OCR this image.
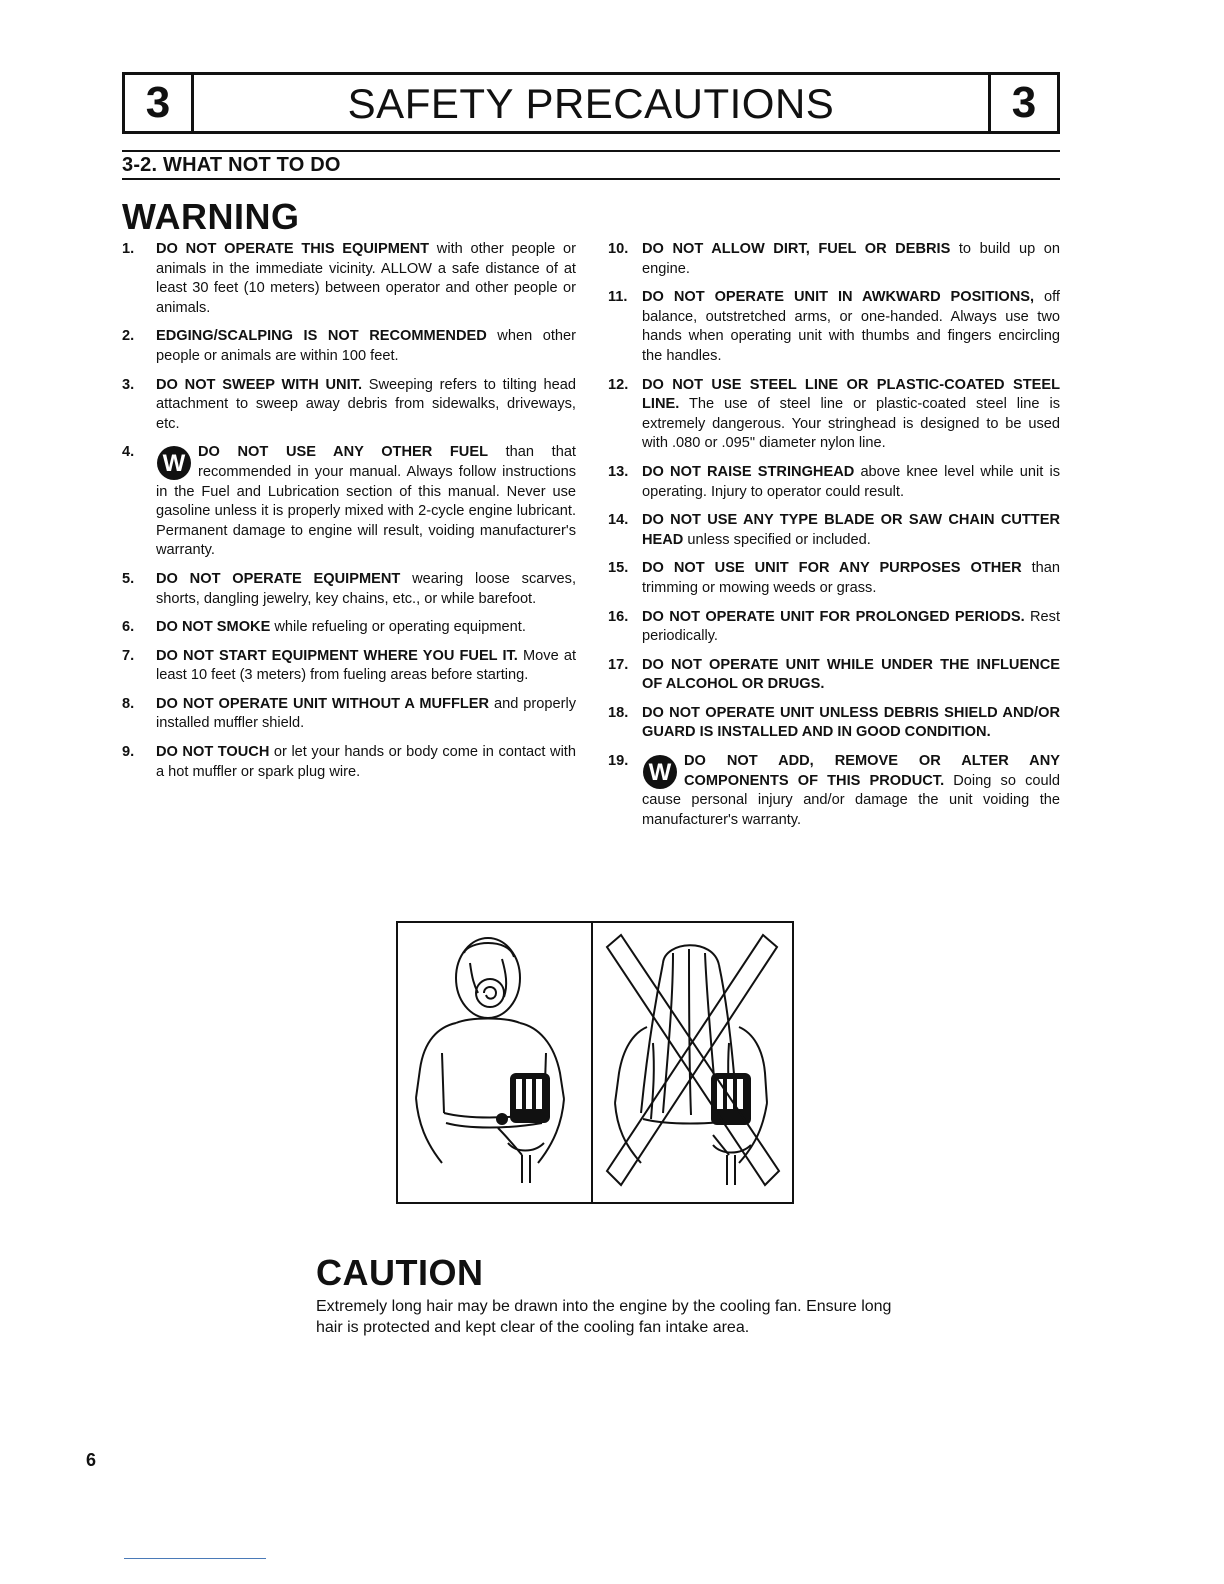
3	SAFETY PRECAUTIONS	3
3-2. WHAT NOT TO DO
WARNING
1. DO NOT OPERATE THIS EQUIPMENT with other people or animals in the immediate vicinity. ALLOW a safe distance of at least 30 feet (10 meters) between operator and other people or animals.
2. EDGING/SCALPING IS NOT RECOMMENDED when other people or animals are within 100 feet.
3. DO NOT SWEEP WITH UNIT. Sweeping refers to tilting head attachment to sweep away debris from sidewalks, driveways, etc.
4. W DO NOT USE ANY OTHER FUEL than that recommended in your manual. Always follow instructions in the Fuel and Lubrication section of this manual. Never use gasoline unless it is properly mixed with 2-cycle engine lubricant. Permanent damage to engine will result, voiding manufacturer's warranty.
5. DO NOT OPERATE EQUIPMENT wearing loose scarves, shorts, dangling jewelry, key chains, etc., or while barefoot.
6. DO NOT SMOKE while refueling or operating equipment.
7. DO NOT START EQUIPMENT WHERE YOU FUEL IT. Move at least 10 feet (3 meters) from fueling areas before starting.
8. DO NOT OPERATE UNIT WITHOUT A MUFFLER and properly installed muffler shield.
9. DO NOT TOUCH or let your hands or body come in contact with a hot muffler or spark plug wire.
10. DO NOT ALLOW DIRT, FUEL OR DEBRIS to build up on engine.
11. DO NOT OPERATE UNIT IN AWKWARD POSITIONS, off balance, outstretched arms, or one-handed. Always use two hands when operating unit with thumbs and fingers encircling the handles.
12. DO NOT USE STEEL LINE OR PLASTIC-COATED STEEL LINE. The use of steel line or plastic-coated steel line is extremely dangerous. Your stringhead is designed to be used with .080 or .095" diameter nylon line.
13. DO NOT RAISE STRINGHEAD above knee level while unit is operating. Injury to operator could result.
14. DO NOT USE ANY TYPE BLADE OR SAW CHAIN CUTTER HEAD unless specified or included.
15. DO NOT USE UNIT FOR ANY PURPOSES OTHER than trimming or mowing weeds or grass.
16. DO NOT OPERATE UNIT FOR PROLONGED PERIODS. Rest periodically.
17. DO NOT OPERATE UNIT WHILE UNDER THE INFLUENCE OF ALCOHOL OR DRUGS.
18. DO NOT OPERATE UNIT UNLESS DEBRIS SHIELD AND/OR GUARD IS INSTALLED AND IN GOOD CONDITION.
19. W DO NOT ADD, REMOVE OR ALTER ANY COMPONENTS OF THIS PRODUCT. Doing so could cause personal injury and/or damage the unit voiding the manufacturer's warranty.
CAUTION
Extremely long hair may be drawn into the engine by the cooling fan. Ensure long hair is protected and kept clear of the cooling fan intake area.
6
